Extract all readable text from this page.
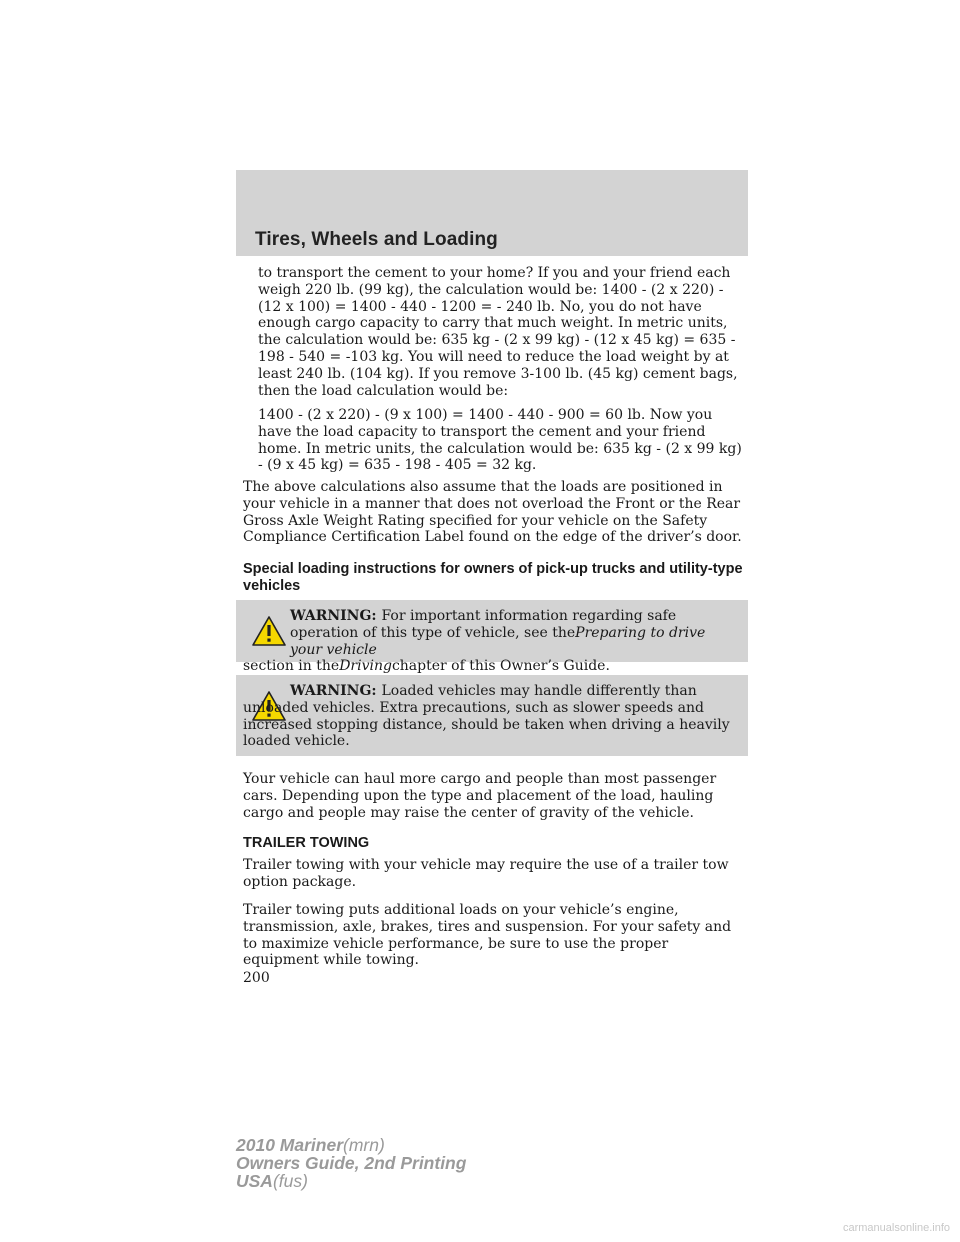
Tires, Wheels and Loading
to transport the cement to your home? If you and your friend each weigh 220 lb. (99 kg), the calculation would be: 1400 - (2 x 220) - (12 x 100) = 1400 - 440 - 1200 = - 240 lb. No, you do not have enough cargo capacity to carry that much weight. In metric units, the calculation would be: 635 kg - (2 x 99 kg) - (12 x 45 kg) = 635 - 198 - 540 = -103 kg. You will need to reduce the load weight by at least 240 lb. (104 kg). If you remove 3-100 lb. (45 kg) cement bags, then the load calculation would be:
1400 - (2 x 220) - (9 x 100) = 1400 - 440 - 900 = 60 lb. Now you have the load capacity to transport the cement and your friend home. In metric units, the calculation would be: 635 kg - (2 x 99 kg) - (9 x 45 kg) = 635 - 198 - 405 = 32 kg.
The above calculations also assume that the loads are positioned in your vehicle in a manner that does not overload the Front or the Rear Gross Axle Weight Rating specified for your vehicle on the Safety Compliance Certification Label found on the edge of the driver’s door.
Special loading instructions for owners of pick-up trucks and utility-type vehicles
WARNING: For important information regarding safe operation of this type of vehicle, see thePreparing to drive your vehicle
section in theDrivingchapter of this Owner’s Guide.
WARNING: Loaded vehicles may handle differently than unloaded vehicles. Extra precautions, such as slower speeds and increased stopping distance, should be taken when driving a heavily loaded vehicle.
Your vehicle can haul more cargo and people than most passenger cars. Depending upon the type and placement of the load, hauling cargo and people may raise the center of gravity of the vehicle.
TRAILER TOWING
Trailer towing with your vehicle may require the use of a trailer tow option package.
Trailer towing puts additional loads on your vehicle’s engine, transmission, axle, brakes, tires and suspension. For your safety and to maximize vehicle performance, be sure to use the proper equipment while towing.
200
2010 Mariner(mrn)
Owners Guide, 2nd Printing
USA(fus)
carmanualsonline.info
